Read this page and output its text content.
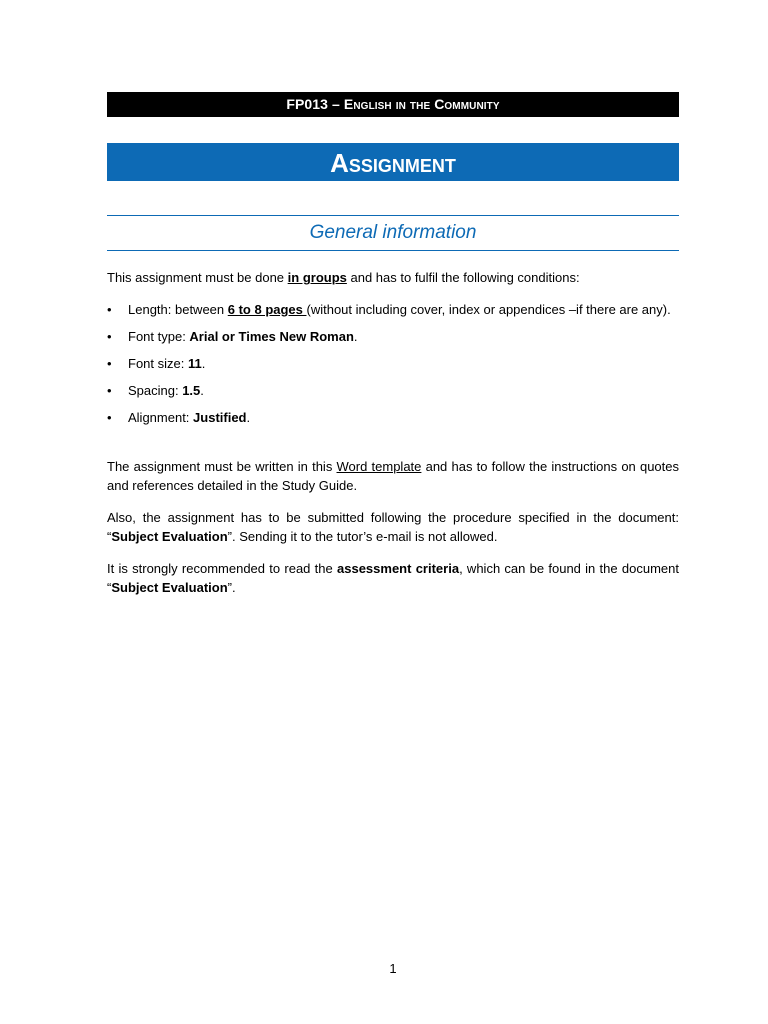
FP013 – English in the Community
Assignment
General information
This assignment must be done in groups and has to fulfil the following conditions:
• Length: between 6 to 8 pages (without including cover, index or appendices –if there are any).
• Font type: Arial or Times New Roman.
• Font size: 11.
• Spacing: 1.5.
• Alignment: Justified.
The assignment must be written in this Word template and has to follow the instructions on quotes and references detailed in the Study Guide.
Also, the assignment has to be submitted following the procedure specified in the document: “Subject Evaluation”. Sending it to the tutor’s e-mail is not allowed.
It is strongly recommended to read the assessment criteria, which can be found in the document “Subject Evaluation”.
1
